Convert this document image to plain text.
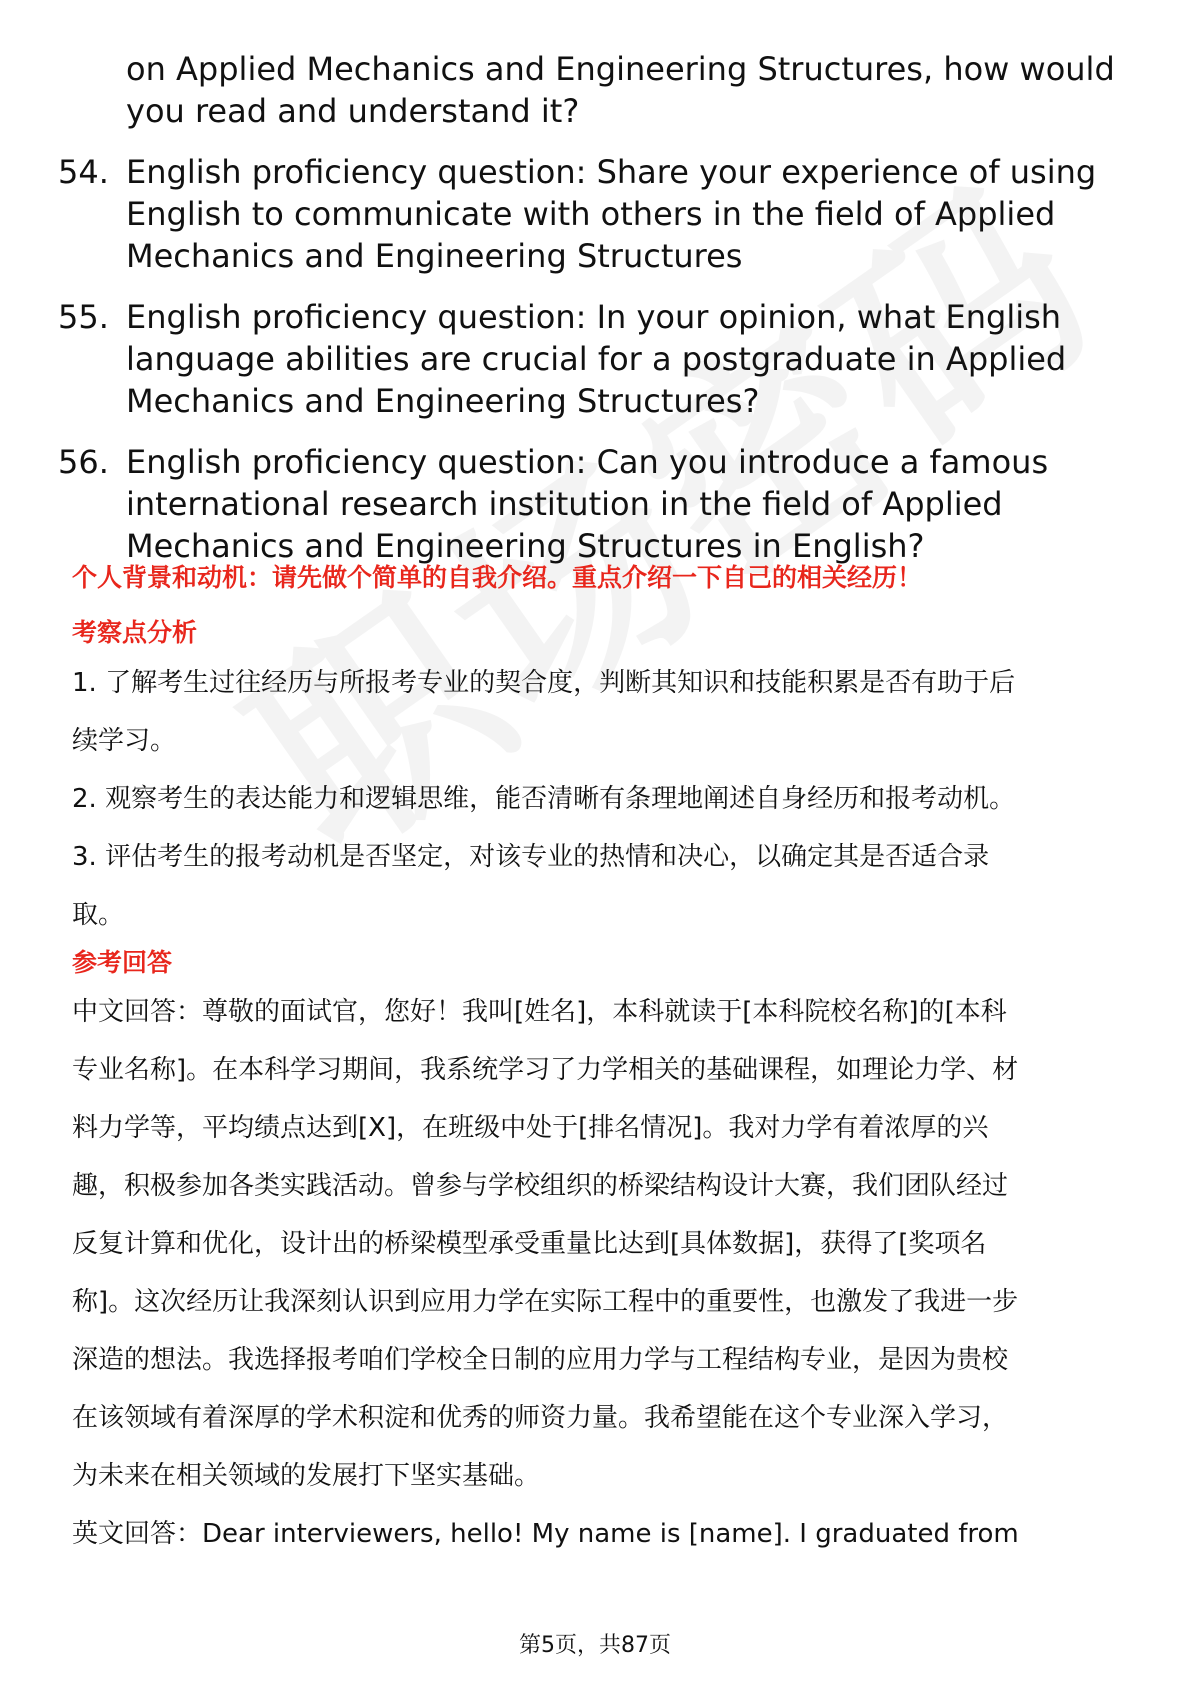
on Applied Mechanics and Engineering Structures, how would you read and understand it?
54. English proficiency question: Share your experience of using English to communicate with others in the field of Applied Mechanics and Engineering Structures
55. English proficiency question: In your opinion, what English language abilities are crucial for a postgraduate in Applied Mechanics and Engineering Structures?
56. English proficiency question: Can you introduce a famous international research institution in the field of Applied Mechanics and Engineering Structures in English?
个人背景和动机：请先做个简单的自我介绍。重点介绍一下自己的相关经历！
考察点分析

1. 了解考生过往经历与所报考专业的契合度，判断其知识和技能积累是否有助于后

续学习。

2. 观察考生的表达能力和逻辑思维，能否清晰有条理地阐述自身经历和报考动机。

3. 评估考生的报考动机是否坚定，对该专业的热情和决心，以确定其是否适合录

取。

参考回答

中文回答：尊敬的面试官，您好！我叫[姓名]，本科就读于[本科院校名称]的[本科

专业名称]。在本科学习期间，我系统学习了力学相关的基础课程，如理论力学、材

料力学等，平均绩点达到[X]，在班级中处于[排名情况]。我对力学有着浓厚的兴

趣，积极参加各类实践活动。曾参与学校组织的桥梁结构设计大赛，我们团队经过

反复计算和优化，设计出的桥梁模型承受重量比达到[具体数据]，获得了[奖项名

称]。这次经历让我深刻认识到应用力学在实际工程中的重要性，也激发了我进一步

深造的想法。我选择报考咱们学校全日制的应用力学与工程结构专业，是因为贵校

在该领域有着深厚的学术积淀和优秀的师资力量。我希望能在这个专业深入学习，

为未来在相关领域的发展打下坚实基础。

英文回答：Dear interviewers, hello! My name is [name]. I graduated from

第5页，共87页
